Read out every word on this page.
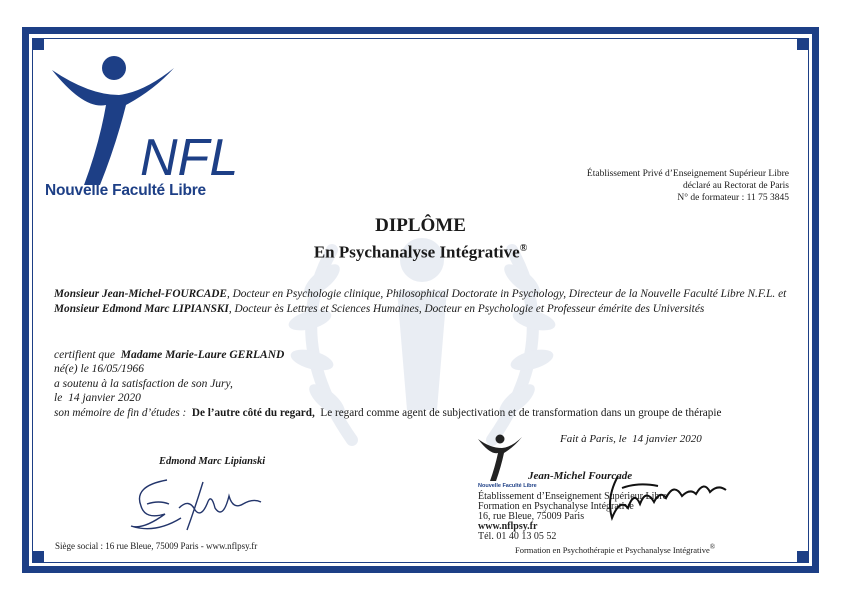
NFL
Nouvelle Faculté Libre
Établissement Privé d’Enseignement Supérieur Libre
déclaré au Rectorat de Paris
N° de formateur : 11 75 3845
DIPLÔME
En Psychanalyse Intégrative®
Monsieur Jean-Michel-FOURCADE, Docteur en Psychologie clinique, Philosophical Doctorate in Psychology, Directeur de la Nouvelle Faculté Libre N.F.L. et Monsieur Edmond Marc LIPIANSKI, Docteur ès Lettres et Sciences Humaines, Docteur en Psychologie et Professeur émérite des Universités
certifient que Madame Marie-Laure GERLAND
né(e) le 16/05/1966
a soutenu à la satisfaction de son Jury,
le 14 janvier 2020
son mémoire de fin d’études : De l’autre côté du regard, Le regard comme agent de subjectivation et de transformation dans un groupe de thérapie
Fait à Paris, le 14 janvier 2020
Edmond Marc Lipianski
Nouvelle Faculté Libre
Jean-Michel Fourcade
Établissement d’Enseignement Supérieur Libre
Formation en Psychanalyse Intégrative
16, rue Bleue, 75009 Paris
www.nflpsy.fr
Tél. 01 40 13 05 52
Formation en Psychothérapie et Psychanalyse Intégrative®
Siège social : 16 rue Bleue, 75009 Paris - www.nflpsy.fr
